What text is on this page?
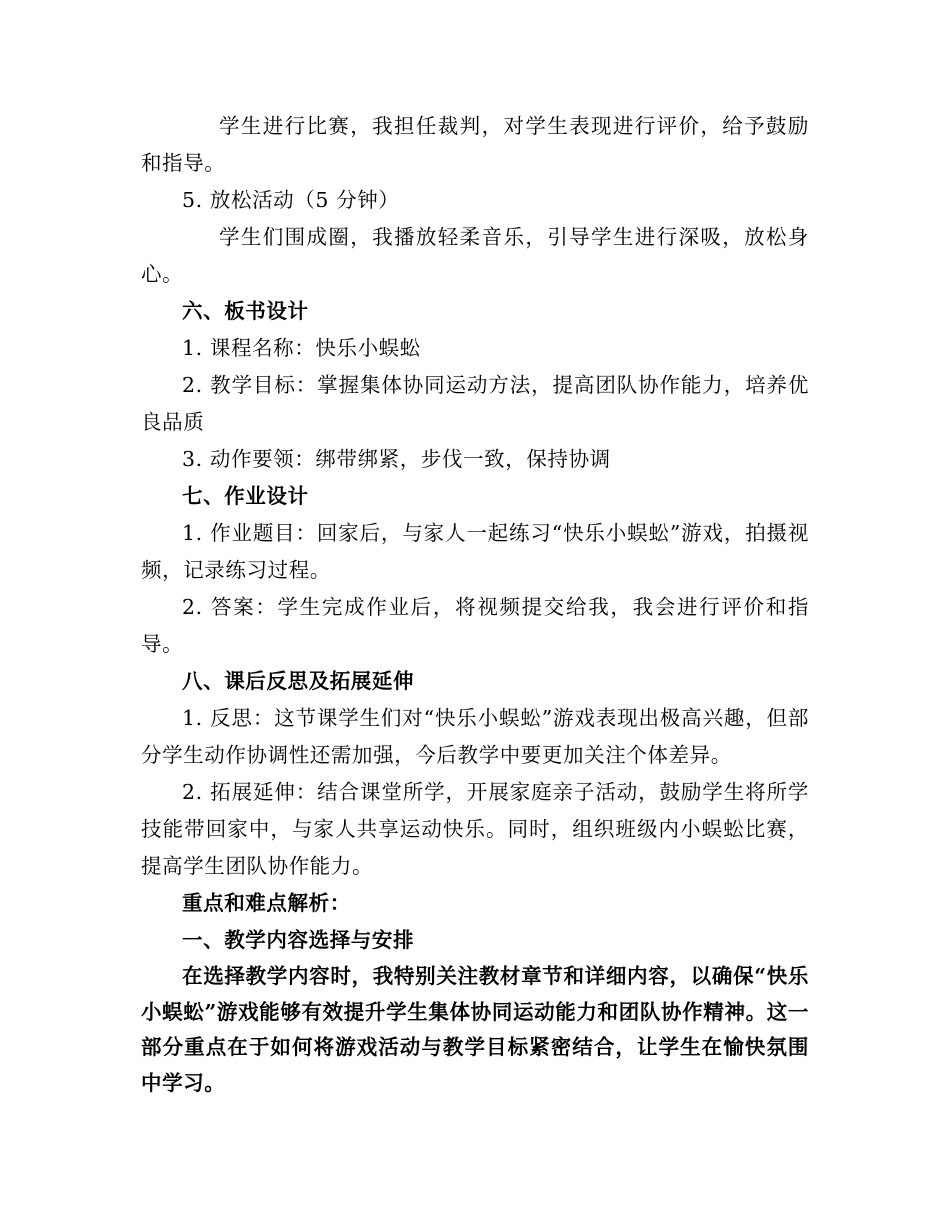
学生进行比赛，我担任裁判，对学生表现进行评价，给予鼓励和指导。

5. 放松活动（5 分钟）

学生们围成圈，我播放轻柔音乐，引导学生进行深吸，放松身心。

六、板书设计

1. 课程名称：快乐小蜈蚣

2. 教学目标：掌握集体协同运动方法，提高团队协作能力，培养优良品质

3. 动作要领：绑带绑紧，步伐一致，保持协调

七、作业设计

1. 作业题目：回家后，与家人一起练习“快乐小蜈蚣”游戏，拍摄视频，记录练习过程。

2. 答案：学生完成作业后，将视频提交给我，我会进行评价和指导。

八、课后反思及拓展延伸

1. 反思：这节课学生们对“快乐小蜈蚣”游戏表现出极高兴趣，但部分学生动作协调性还需加强，今后教学中要更加关注个体差异。

2. 拓展延伸：结合课堂所学，开展家庭亲子活动，鼓励学生将所学技能带回家中，与家人共享运动快乐。同时，组织班级内小蜈蚣比赛，提高学生团队协作能力。

重点和难点解析：

一、教学内容选择与安排

在选择教学内容时，我特别关注教材章节和详细内容，以确保“快乐小蜈蚣”游戏能够有效提升学生集体协同运动能力和团队协作精神。这一部分重点在于如何将游戏活动与教学目标紧密结合，让学生在愉快氛围中学习。
